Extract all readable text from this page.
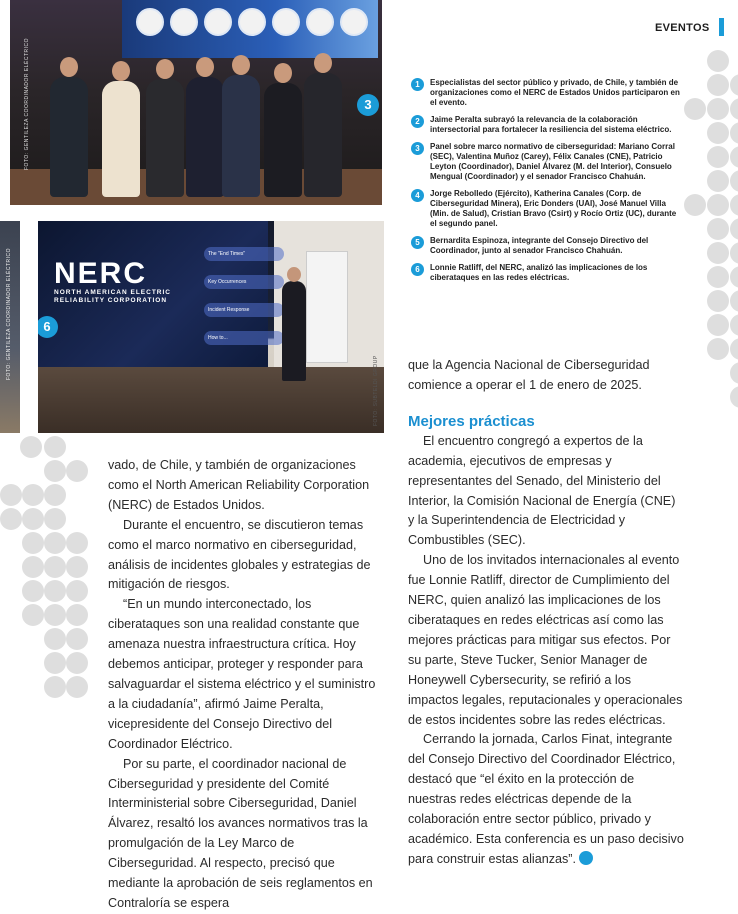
FOTO: GENTILEZA COORDINADOR ELÉCTRICO	3
FOTO: GENTILEZA COORDINADOR ELÉCTRICO NERC
NORTH AMERICAN ELECTRIC
RELIABILITY CORPORATION
The "End Times"
Key Occurrences
Incident Response
How to...
6
FOTO: SUBTELDI GROUP
EVENTOS
1	Especialistas del sector público y privado, de Chile, y también de organizaciones como el NERC de Estados Unidos participaron en el evento.
2	Jaime Peralta subrayó la relevancia de la colaboración intersectorial para fortalecer la resiliencia del sistema eléctrico.
3	Panel sobre marco normativo de ciberseguridad: Mariano Corral (SEC), Valentina Muñoz (Carey), Félix Canales (CNE), Patricio Leyton (Coordinador), Daniel Álvarez (M. del Interior), Consuelo Mengual (Coordinador) y el senador Francisco Chahuán.
4	Jorge Rebolledo (Ejército), Katherina Canales (Corp. de Ciberseguridad Minera), Eric Donders (UAI), José Manuel Villa (Min. de Salud), Cristian Bravo (Csirt) y Rocío Ortiz (UC), durante el segundo panel.
5	Bernardita Espinoza, integrante del Consejo Directivo del Coordinador, junto al senador Francisco Chahuán.
6	Lonnie Ratliff, del NERC, analizó las implicaciones de los ciberataques en las redes eléctricas.

vado, de Chile, y también de organizaciones como el North American Reliability Corporation (NERC) de Estados Unidos.

Durante el encuentro, se discutieron temas como el marco normativo en ciberseguridad, análisis de incidentes globales y estrategias de mitigación de riesgos.

“En un mundo interconectado, los ciberataques son una realidad constante que amenaza nuestra infraestructura crítica. Hoy debemos anticipar, proteger y responder para salvaguardar el sistema eléctrico y el suministro a la ciudadanía”, afirmó Jaime Peralta, vicepresidente del Consejo Directivo del Coordinador Eléctrico.

Por su parte, el coordinador nacional de Ciberseguridad y presidente del Comité Interministerial sobre Ciberseguridad, Daniel Álvarez, resaltó los avances normativos tras la promulgación de la Ley Marco de Ciberseguridad. Al respecto, precisó que mediante la aprobación de seis reglamentos en Contraloría se espera

que la Agencia Nacional de Ciberseguridad comience a operar el 1 de enero de 2025.

Mejores prácticas

El encuentro congregó a expertos de la academia, ejecutivos de empresas y representantes del Senado, del Ministerio del Interior, la Comisión Nacional de Energía (CNE) y la Superintendencia de Electricidad y Combustibles (SEC).

Uno de los invitados internacionales al evento fue Lonnie Ratliff, director de Cumplimiento del NERC, quien analizó las implicaciones de los ciberataques en redes eléctricas así como las mejores prácticas para mitigar sus efectos. Por su parte, Steve Tucker, Senior Manager de Honeywell Cybersecurity, se refirió a los impactos legales, reputacionales y operacionales de estos incidentes sobre las redes eléctricas.

Cerrando la jornada, Carlos Finat, integrante del Consejo Directivo del Coordinador Eléctrico, destacó que “el éxito en la protección de nuestras redes eléctricas depende de la colaboración entre sector público, privado y académico. Esta conferencia es un paso decisivo para construir estas alianzas”.
